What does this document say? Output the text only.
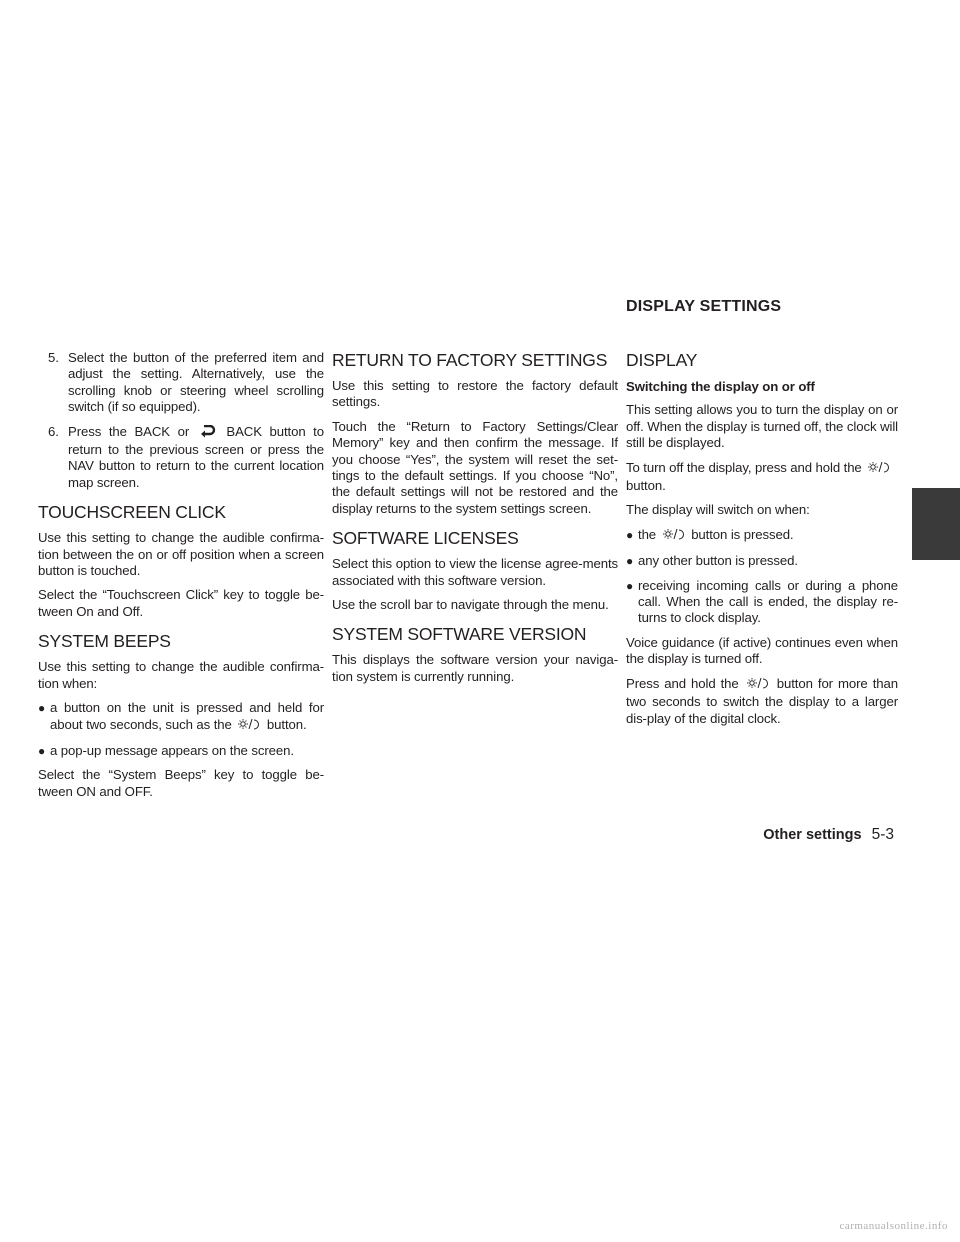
DISPLAY SETTINGS
5. Select the button of the preferred item and adjust the setting. Alternatively, use the scrolling knob or steering wheel scrolling switch (if so equipped).
6. Press the BACK or	BACK button to return to the previous screen or press the NAV button to return to the current location map screen.
TOUCHSCREEN CLICK

Use this setting to change the audible confirma-tion between the on or off position when a screen button is touched.

Select the “Touchscreen Click” key to toggle be-tween On and Off.

SYSTEM BEEPS

Use this setting to change the audible confirma-tion when:

● a button on the unit is pressed and held for about two seconds, such as the	button.
● a pop-up message appears on the screen.

Select the “System Beeps” key to toggle be-tween ON and OFF.

RETURN TO FACTORY SETTINGS

Use this setting to restore the factory default settings.

Touch the “Return to Factory Settings/Clear Memory” key and then confirm the message. If you choose “Yes”, the system will reset the set-tings to the default settings. If you choose “No”, the default settings will not be restored and the display returns to the system settings screen.

SOFTWARE LICENSES

Select this option to view the license agree-ments associated with this software version.

Use the scroll bar to navigate through the menu.

SYSTEM SOFTWARE VERSION

This displays the software version your naviga-tion system is currently running.

DISPLAY
Switching the display on or off

This setting allows you to turn the display on or off. When the display is turned off, the clock will still be displayed.

To turn off the display, press and hold the
button.

The display will switch on when:

● the	button is pressed.
● any other button is pressed.
● receiving incoming calls or during a phone call. When the call is ended, the display re-turns to clock display.

Voice guidance (if active) continues even when the display is turned off.

Press and hold the	button for more than two seconds to switch the display to a larger dis-play of the digital clock.

Other settings 5-3
carmanualsonline.info
